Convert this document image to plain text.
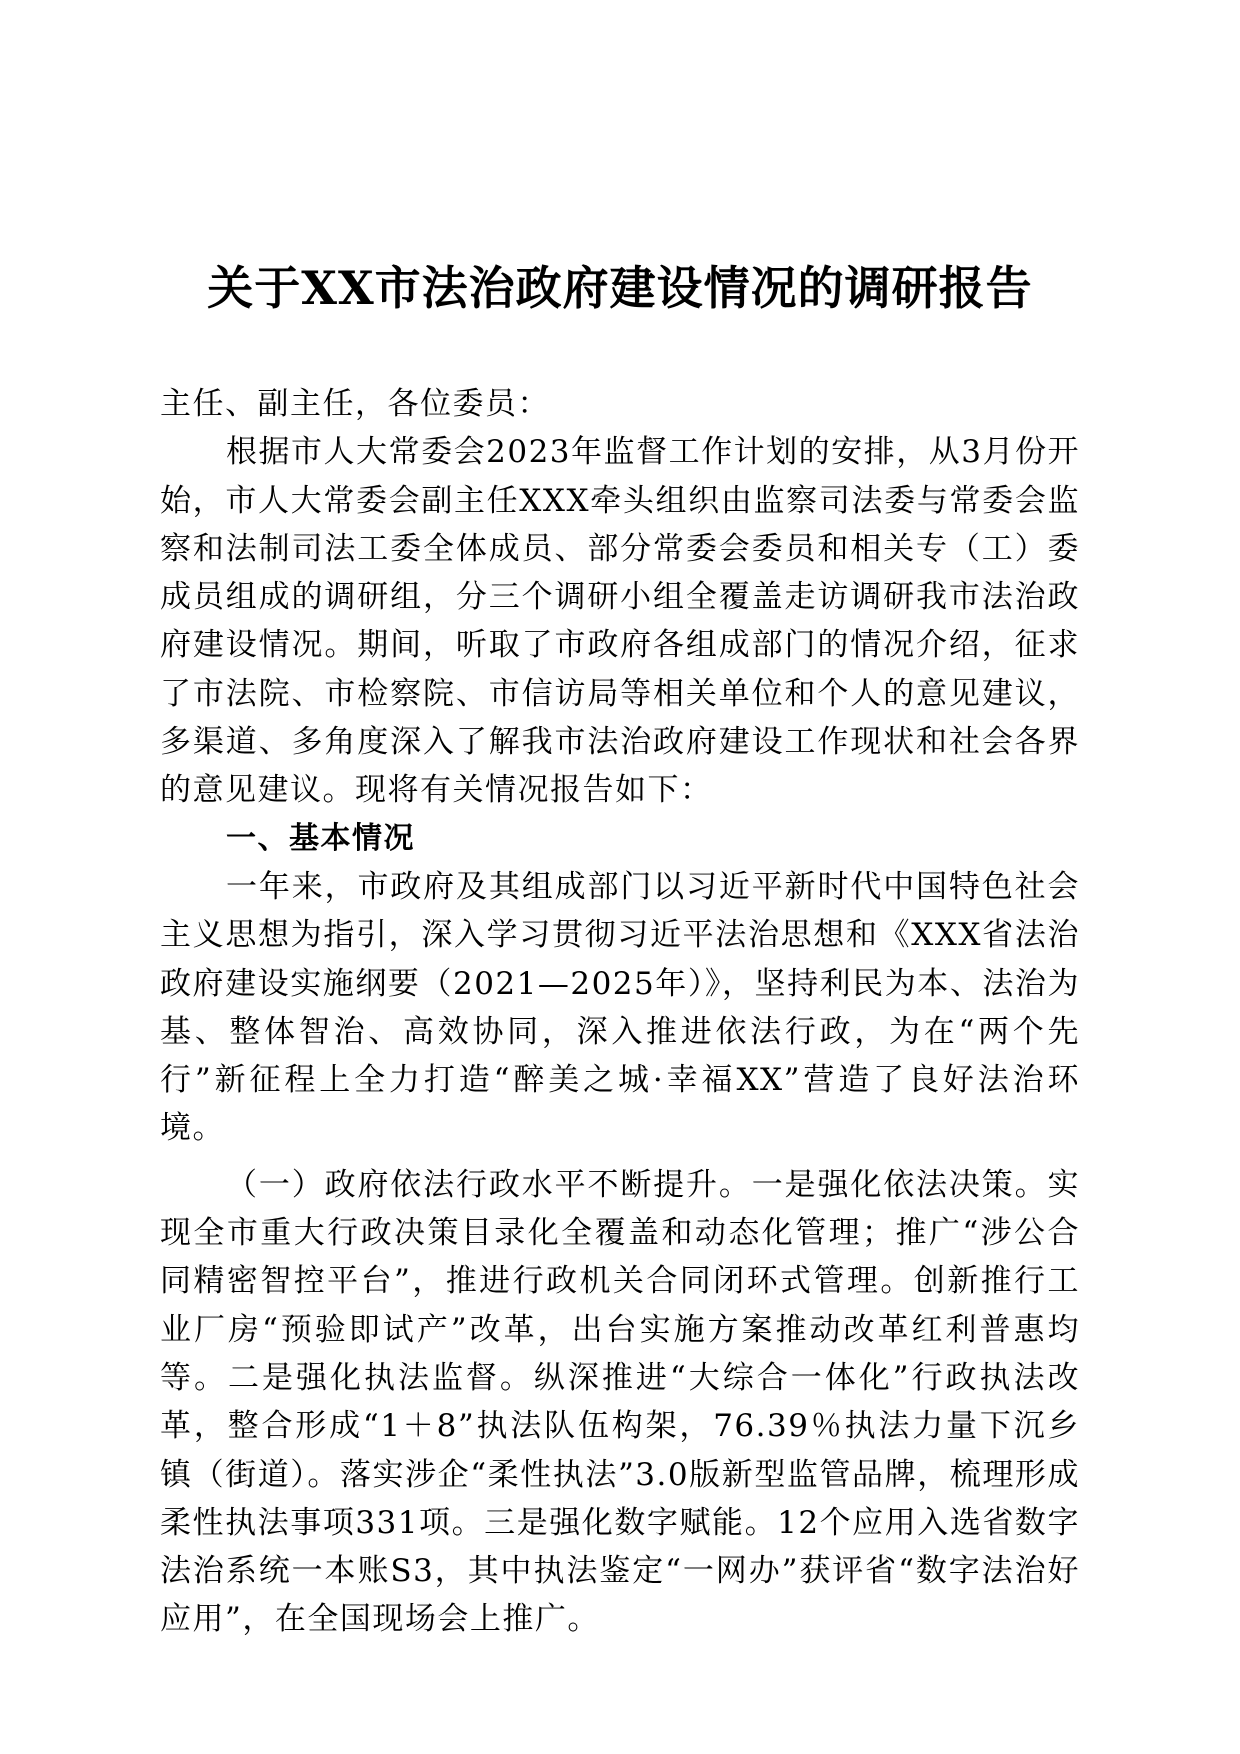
关于XX市法治政府建设情况的调研报告

主任、副主任，各位委员：

根据市人大常委会2023年监督工作计划的安排，从3月份开始，市人大常委会副主任XXX牵头组织由监察司法委与常委会监察和法制司法工委全体成员、部分常委会委员和相关专（工）委成员组成的调研组，分三个调研小组全覆盖走访调研我市法治政府建设情况。期间，听取了市政府各组成部门的情况介绍，征求了市法院、市检察院、市信访局等相关单位和个人的意见建议，多渠道、多角度深入了解我市法治政府建设工作现状和社会各界的意见建议。现将有关情况报告如下：

一、基本情况

一年来，市政府及其组成部门以习近平新时代中国特色社会主义思想为指引，深入学习贯彻习近平法治思想和《XXX省法治政府建设实施纲要（2021—2025年）》，坚持利民为本、法治为基、整体智治、高效协同，深入推进依法行政，为在“两个先行”新征程上全力打造“醉美之城·幸福XX”营造了良好法治环境。

（一）政府依法行政水平不断提升。一是强化依法决策。实现全市重大行政决策目录化全覆盖和动态化管理；推广“涉公合同精密智控平台”，推进行政机关合同闭环式管理。创新推行工业厂房“预验即试产”改革，出台实施方案推动改革红利普惠均等。二是强化执法监督。纵深推进“大综合一体化”行政执法改革，整合形成“1＋8”执法队伍构架，76.39％执法力量下沉乡镇（街道）。落实涉企“柔性执法”3.0版新型监管品牌，梳理形成柔性执法事项331项。三是强化数字赋能。12个应用入选省数字法治系统一本账S3，其中执法鉴定“一网办”获评省“数字法治好应用”，在全国现场会上推广。
